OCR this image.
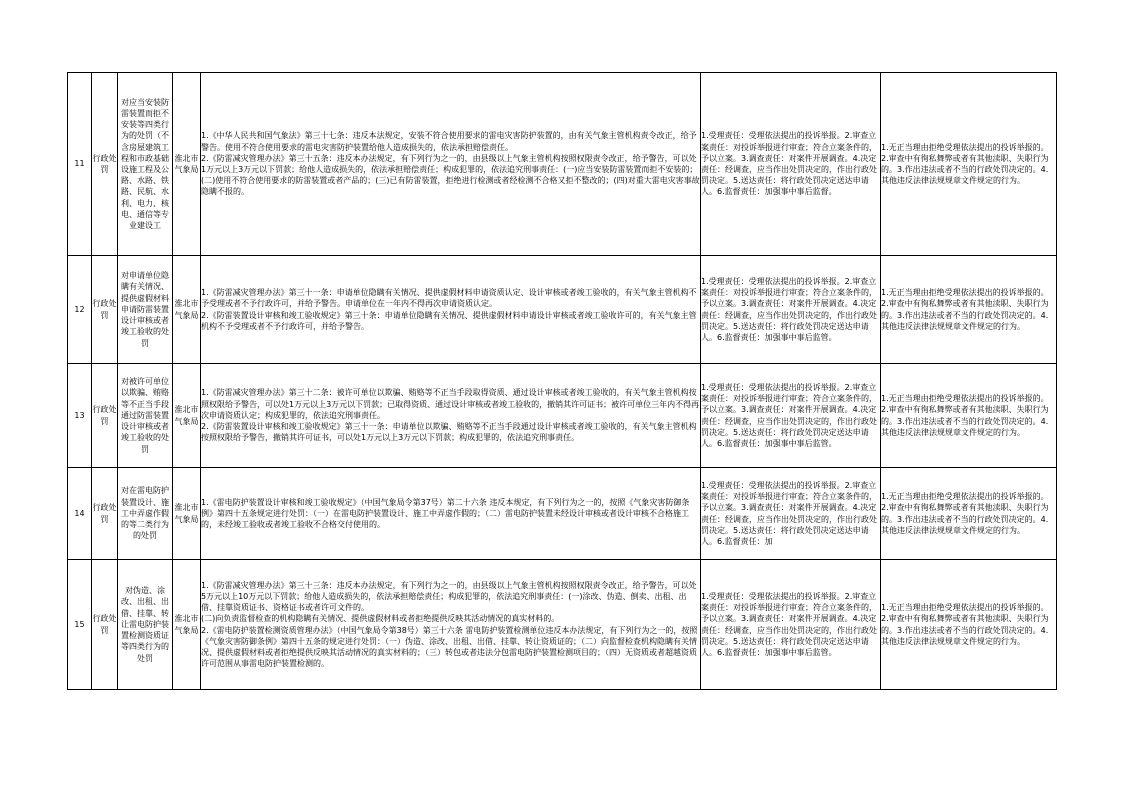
11	行政处罚	对应当安装防雷装置而拒不安装等四类行为的处罚（不含房屋建筑工程和市政基础设施工程及公路、水路、铁路、民航、水利、电力、核电、通信等专业建设工	淮北市气象局	1.《中华人民共和国气象法》第三十七条：违反本法规定，安装不符合使用要求的雷电灾害防护装置的，由有关气象主管机构责令改正，给予警告。使用不符合使用要求的雷电灾害防护装置给他人造成损失的，依法承担赔偿责任。
2.《防雷减灾管理办法》第三十五条：违反本办法规定，有下列行为之一的，由县级以上气象主管机构按照权限责令改正，给予警告，可以处1万元以上3万元以下罚款；给他人造成损失的，依法承担赔偿责任；构成犯罪的，依法追究刑事责任：(一)应当安装防雷装置而拒不安装的；(二)使用不符合使用要求的防雷装置或者产品的；(三)已有防雷装置，拒绝进行检测或者经检测不合格又拒不整改的；(四)对重大雷电灾害事故隐瞒不报的。	1.受理责任：受理依法提出的投诉举报。2.审查立案责任：对投诉举报进行审查；符合立案条件的，予以立案。3.调查责任：对案件开展调查。4.决定责任：经调查，应当作出处罚决定的，作出行政处罚决定。5.送达责任：将行政处罚决定送达申请人。6.监督责任：加强事中事后监督。	1.无正当理由拒绝受理依法提出的投诉举报的。2.审查中有徇私舞弊或者有其他渎职、失职行为的。3.作出违法或者不当的行政处罚决定的。4.其他违反法律法规规章文件规定的行为。
12	行政处罚	对申请单位隐瞒有关情况、提供虚假材料申请防雷装置设计审核或者竣工验收的处罚	淮北市气象局	1.《防雷减灾管理办法》第三十一条：申请单位隐瞒有关情况、提供虚假材料申请资质认定、设计审核或者竣工验收的，有关气象主管机构不予受理或者不予行政许可，并给予警告。申请单位在一年内不得再次申请资质认定。
2.《防雷装置设计审核和竣工验收规定》第三十条：申请单位隐瞒有关情况、提供虚假材料申请设计审核或者竣工验收许可的，有关气象主管机构不予受理或者不予行政许可，并给予警告。	1.受理责任：受理依法提出的投诉举报。2.审查立案责任：对投诉举报进行审查；符合立案条件的，予以立案。3.调查责任：对案件开展调查。4.决定责任：经调查，应当作出处罚决定的，作出行政处罚决定。5.送达责任：将行政处罚决定送达申请人。6.监督责任：加强事中事后监管。	1.无正当理由拒绝受理依法提出的投诉举报的。2.审查中有徇私舞弊或者有其他渎职、失职行为的。3.作出违法或者不当的行政处罚决定的。4.其他违反法律法规规章文件规定的行为。
13	行政处罚	对被许可单位以欺骗、贿赂等不正当手段通过防雷装置设计审核或者竣工验收的处罚	淮北市气象局	1.《防雷减灾管理办法》第三十二条：被许可单位以欺骗、贿赂等不正当手段取得资质、通过设计审核或者竣工验收的，有关气象主管机构按照权限给予警告，可以处1万元以上3万元以下罚款；已取得资质、通过设计审核或者竣工验收的，撤销其许可证书；被许可单位三年内不得再次申请资质认定；构成犯罪的，依法追究刑事责任。
2.《防雷装置设计审核和竣工验收规定》第三十一条：申请单位以欺骗、贿赂等不正当手段通过设计审核或者竣工验收的，有关气象主管机构按照权限给予警告，撤销其许可证书，可以处1万元以上3万元以下罚款；构成犯罪的，依法追究刑事责任。	1.受理责任：受理依法提出的投诉举报。2.审查立案责任：对投诉举报进行审查；符合立案条件的，予以立案。3.调查责任：对案件开展调查。4.决定责任：经调查，应当作出处罚决定的，作出行政处罚决定。5.送达责任：将行政处罚决定送达申请人。6.监督责任：加强事中事后监管。	1.无正当理由拒绝受理依法提出的投诉举报的。2.审查中有徇私舞弊或者有其他渎职、失职行为的。3.作出违法或者不当的行政处罚决定的。4.其他违反法律法规规章文件规定的行为。
14	行政处罚	对在雷电防护装置设计、施工中弄虚作假的等二类行为的处罚	淮北市气象局	1.《雷电防护装置设计审核和竣工验收规定》（中国气象局令第37号）第二十六条 违反本规定，有下列行为之一的，按照《气象灾害防御条例》第四十五条规定进行处罚：（一）在雷电防护装置设计、施工中弄虚作假的；（二）雷电防护装置未经设计审核或者设计审核不合格施工的，未经竣工验收或者竣工验收不合格交付使用的。	1.受理责任：受理依法提出的投诉举报。2.审查立案责任：对投诉举报进行审查；符合立案条件的，予以立案。3.调查责任：对案件开展调查。4.决定责任：经调查，应当作出处罚决定的，作出行政处罚决定。5.送达责任：将行政处罚决定送达申请人。6.监督责任：加	1.无正当理由拒绝受理依法提出的投诉举报的。2.审查中有徇私舞弊或者有其他渎职、失职行为的。3.作出违法或者不当的行政处罚决定的。4.其他违反法律法规规章文件规定的行为。
15	行政处罚	对伪造、涂改、出租、出借、挂靠、转让雷电防护装置检测资质证等四类行为的处罚	淮北市气象局	1.《防雷减灾管理办法》第三十三条：违反本办法规定，有下列行为之一的，由县级以上气象主管机构按照权限责令改正，给予警告，可以处5万元以上10万元以下罚款；给他人造成损失的，依法承担赔偿责任；构成犯罪的，依法追究刑事责任：(一)涂改、伪造、倒卖、出租、出借、挂靠资质证书、资格证书或者许可文件的。
(二)向负责监督检查的机构隐瞒有关情况、提供虚假材料或者拒绝提供反映其活动情况的真实材料的。
2.《雷电防护装置检测资质管理办法》（中国气象局令第38号）第三十六条 雷电防护装置检测单位违反本办法规定，有下列行为之一的，按照《气象灾害防御条例》第四十五条的规定进行处罚：（一）伪造、涂改、出租、出借、挂靠、转让资质证的；（二）向监督检查机构隐瞒有关情况、提供虚假材料或者拒绝提供反映其活动情况的真实材料的；（三）转包或者违法分包雷电防护装置检测项目的；（四）无资质或者超越资质许可范围从事雷电防护装置检测的。	1.受理责任：受理依法提出的投诉举报。2.审查立案责任：对投诉举报进行审查；符合立案条件的，予以立案。3.调查责任：对案件开展调查。4.决定责任：经调查，应当作出处罚决定的，作出行政处罚决定。5.送达责任：将行政处罚决定送达申请人。6.监督责任：加强事中事后监管。	1.无正当理由拒绝受理依法提出的投诉举报的。2.审查中有徇私舞弊或者有其他渎职、失职行为的。3.作出违法或者不当的行政处罚决定的。4.其他违反法律法规规章文件规定的行为。
